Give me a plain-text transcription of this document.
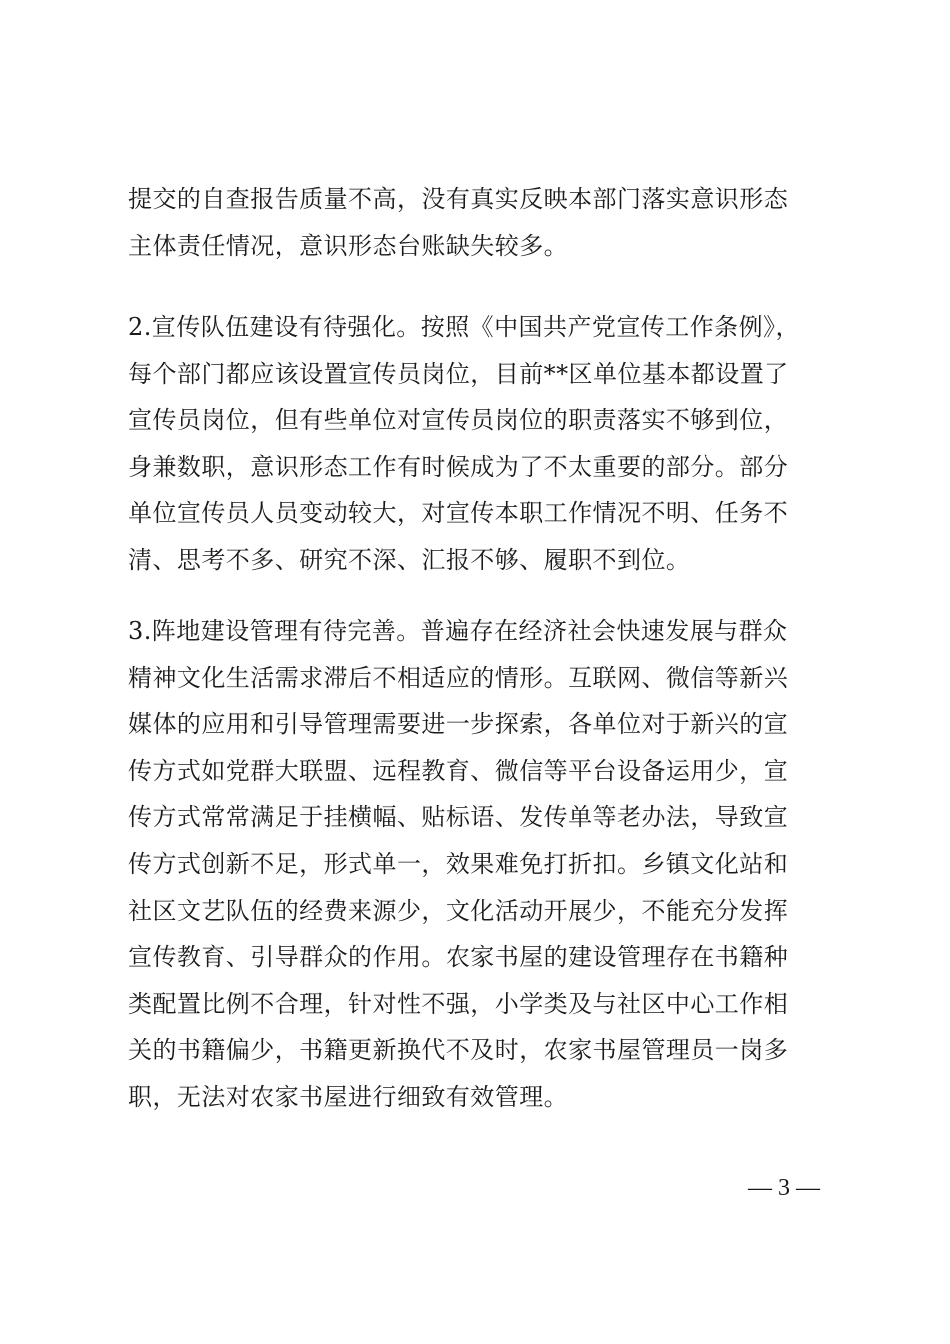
提交的自查报告质量不高，没有真实反映本部门落实意识形态
主体责任情况，意识形态台账缺失较多。
2.宣传队伍建设有待强化。按照《中国共产党宣传工作条例》，
每个部门都应该设置宣传员岗位，目前**区单位基本都设置了
宣传员岗位，但有些单位对宣传员岗位的职责落实不够到位，
身兼数职，意识形态工作有时候成为了不太重要的部分。部分
单位宣传员人员变动较大，对宣传本职工作情况不明、任务不
清、思考不多、研究不深、汇报不够、履职不到位。
3.阵地建设管理有待完善。普遍存在经济社会快速发展与群众
精神文化生活需求滞后不相适应的情形。互联网、微信等新兴
媒体的应用和引导管理需要进一步探索，各单位对于新兴的宣
传方式如党群大联盟、远程教育、微信等平台设备运用少，宣
传方式常常满足于挂横幅、贴标语、发传单等老办法，导致宣
传方式创新不足，形式单一，效果难免打折扣。乡镇文化站和
社区文艺队伍的经费来源少，文化活动开展少，不能充分发挥
宣传教育、引导群众的作用。农家书屋的建设管理存在书籍种
类配置比例不合理，针对性不强，小学类及与社区中心工作相
关的书籍偏少，书籍更新换代不及时，农家书屋管理员一岗多
职，无法对农家书屋进行细致有效管理。
— 3 —
